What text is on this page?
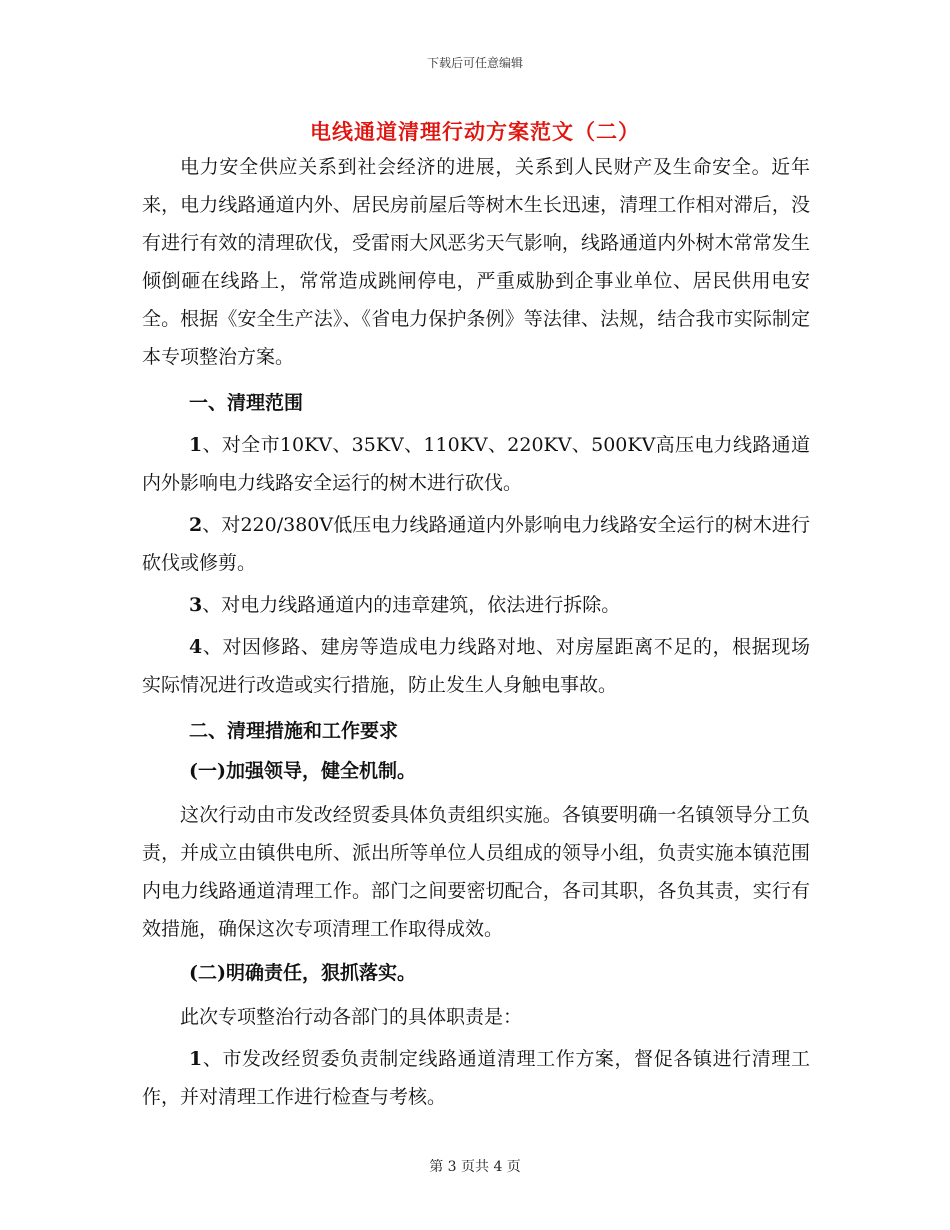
下载后可任意编辑
电线通道清理行动方案范文（二）

电力安全供应关系到社会经济的进展，关系到人民财产及生命安全。近年来，电力线路通道内外、居民房前屋后等树木生长迅速，清理工作相对滞后，没有进行有效的清理砍伐，受雷雨大风恶劣天气影响，线路通道内外树木常常发生倾倒砸在线路上，常常造成跳闸停电，严重威胁到企事业单位、居民供用电安全。根据《安全生产法》、《省电力保护条例》等法律、法规，结合我市实际制定本专项整治方案。

一、清理范围

1、对全市10KV、35KV、110KV、220KV、500KV高压电力线路通道内外影响电力线路安全运行的树木进行砍伐。

2、对220/380V低压电力线路通道内外影响电力线路安全运行的树木进行砍伐或修剪。

3、对电力线路通道内的违章建筑，依法进行拆除。

4、对因修路、建房等造成电力线路对地、对房屋距离不足的，根据现场实际情况进行改造或实行措施，防止发生人身触电事故。

二、清理措施和工作要求

(一)加强领导，健全机制。

这次行动由市发改经贸委具体负责组织实施。各镇要明确一名镇领导分工负责，并成立由镇供电所、派出所等单位人员组成的领导小组，负责实施本镇范围内电力线路通道清理工作。部门之间要密切配合，各司其职，各负其责，实行有效措施，确保这次专项清理工作取得成效。

(二)明确责任，狠抓落实。

此次专项整治行动各部门的具体职责是：

1、市发改经贸委负责制定线路通道清理工作方案，督促各镇进行清理工作，并对清理工作进行检查与考核。

第 3 页共 4 页
